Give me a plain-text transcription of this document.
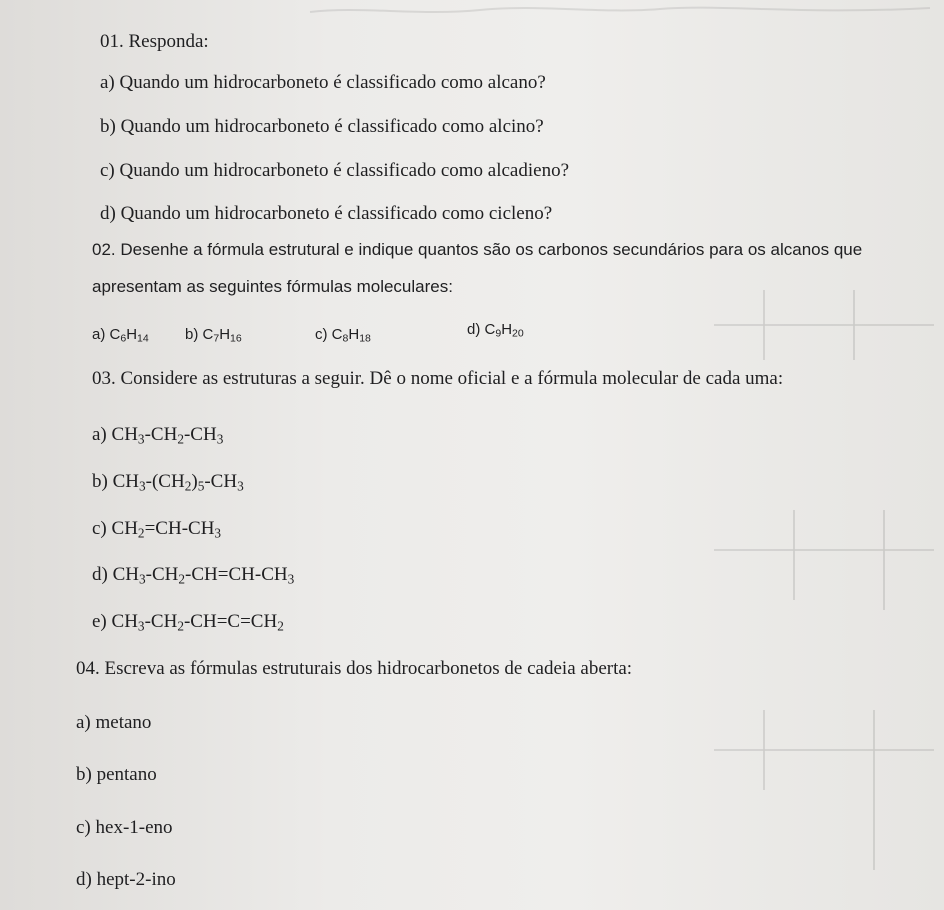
01. Responda:
a) Quando um hidrocarboneto é classificado como alcano?
b) Quando um hidrocarboneto é classificado como alcino?
c) Quando um hidrocarboneto é classificado como alcadieno?
d) Quando um hidrocarboneto é classificado como cicleno?
02. Desenhe a fórmula estrutural e indique quantos são os carbonos secundários para os alcanos que
apresentam as seguintes fórmulas moleculares:
a) $C_6H_{14}$ b) $C_7H_{16}$	c) $C_8H_{18}$
d) $C_9H_{20}$
03. Considere as estruturas a seguir. Dê o nome oficial e a fórmula molecular de cada uma:
a) $CH_3-CH_2-CH_3$
b) $CH_3-(CH_2)_5-CH_3$
c) $CH_2=CH-CH_3$
d) $CH_3-CH_2-CH=CH-CH_3$
e) $CH_3-CH_2-CH=C=CH_2$
04. Escreva as fórmulas estruturais dos hidrocarbonetos de cadeia aberta:
a) metano
b) pentano
c) hex-1-eno
d) hept-2-ino
